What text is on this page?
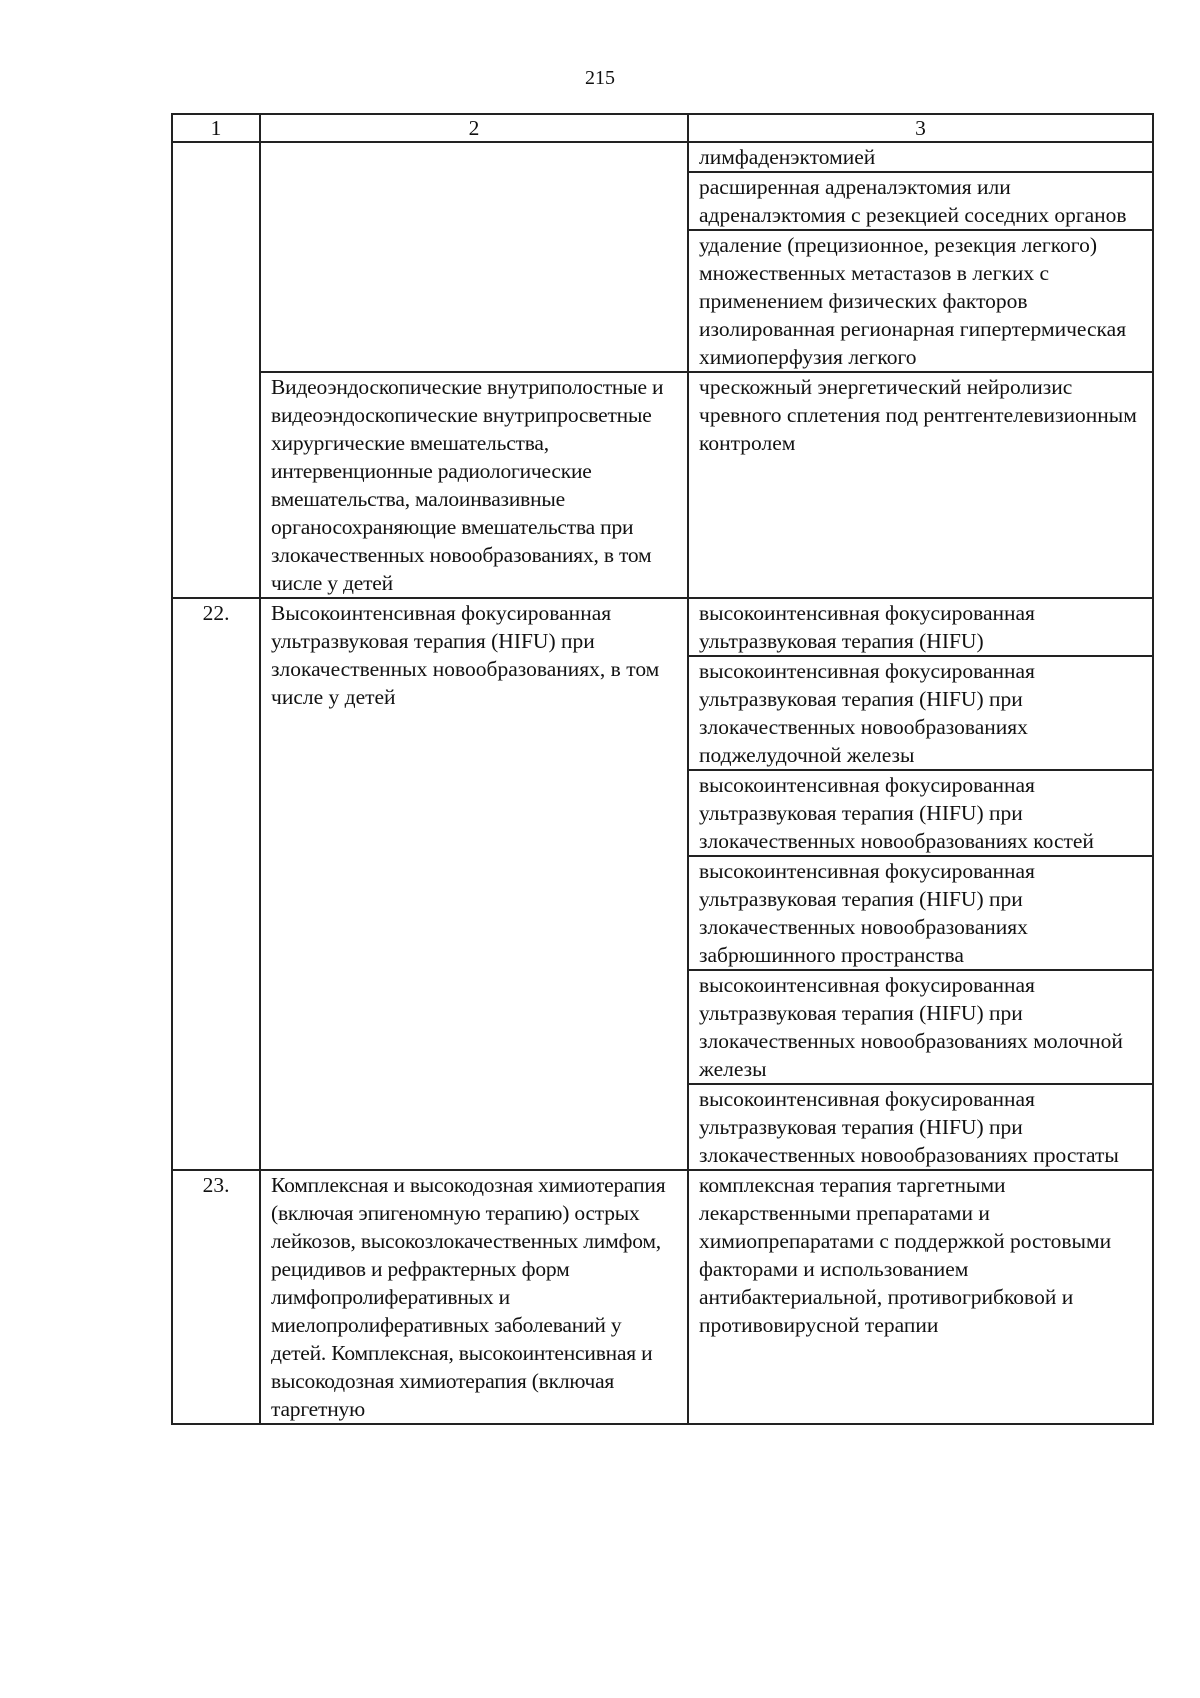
215
1	2	3
		лимфаденэктомией
		расширенная адреналэктомия или адреналэктомия с резекцией соседних органов
		удаление (прецизионное, резекция легкого) множественных метастазов в легких с применением физических факторов изолированная регионарная гипертермическая химиоперфузия легкого
	Видеоэндоскопические внутриполостные и видеоэндоскопические внутрипросветные хирургические вмешательства, интервенционные радиологические вмешательства, малоинвазивные органосохраняющие вмешательства при злокачественных новообразованиях, в том числе у детей	чрескожный энергетический нейролизис чревного сплетения под рентгентелевизионным контролем
22.	Высокоинтенсивная фокусированная ультразвуковая терапия (HIFU) при злокачественных новообразованиях, в том числе у детей	высокоинтенсивная фокусированная ультразвуковая терапия (HIFU)
		высокоинтенсивная фокусированная ультразвуковая терапия (HIFU) при злокачественных новообразованиях поджелудочной железы
		высокоинтенсивная фокусированная ультразвуковая терапия (HIFU) при злокачественных новообразованиях костей
		высокоинтенсивная фокусированная ультразвуковая терапия (HIFU) при злокачественных новообразованиях забрюшинного пространства
		высокоинтенсивная фокусированная ультразвуковая терапия (HIFU) при злокачественных новообразованиях молочной железы
		высокоинтенсивная фокусированная ультразвуковая терапия (HIFU) при злокачественных новообразованиях простаты
23.	Комплексная и высокодозная химиотерапия (включая эпигеномную терапию) острых лейкозов, высокозлокачественных лимфом, рецидивов и рефрактерных форм лимфопролиферативных и миелопролиферативных заболеваний у детей. Комплексная, высокоинтенсивная и высокодозная химиотерапия (включая таргетную	комплексная терапия таргетными лекарственными препаратами и химиопрепаратами с поддержкой ростовыми факторами и использованием антибактериальной, противогрибковой и противовирусной терапии
